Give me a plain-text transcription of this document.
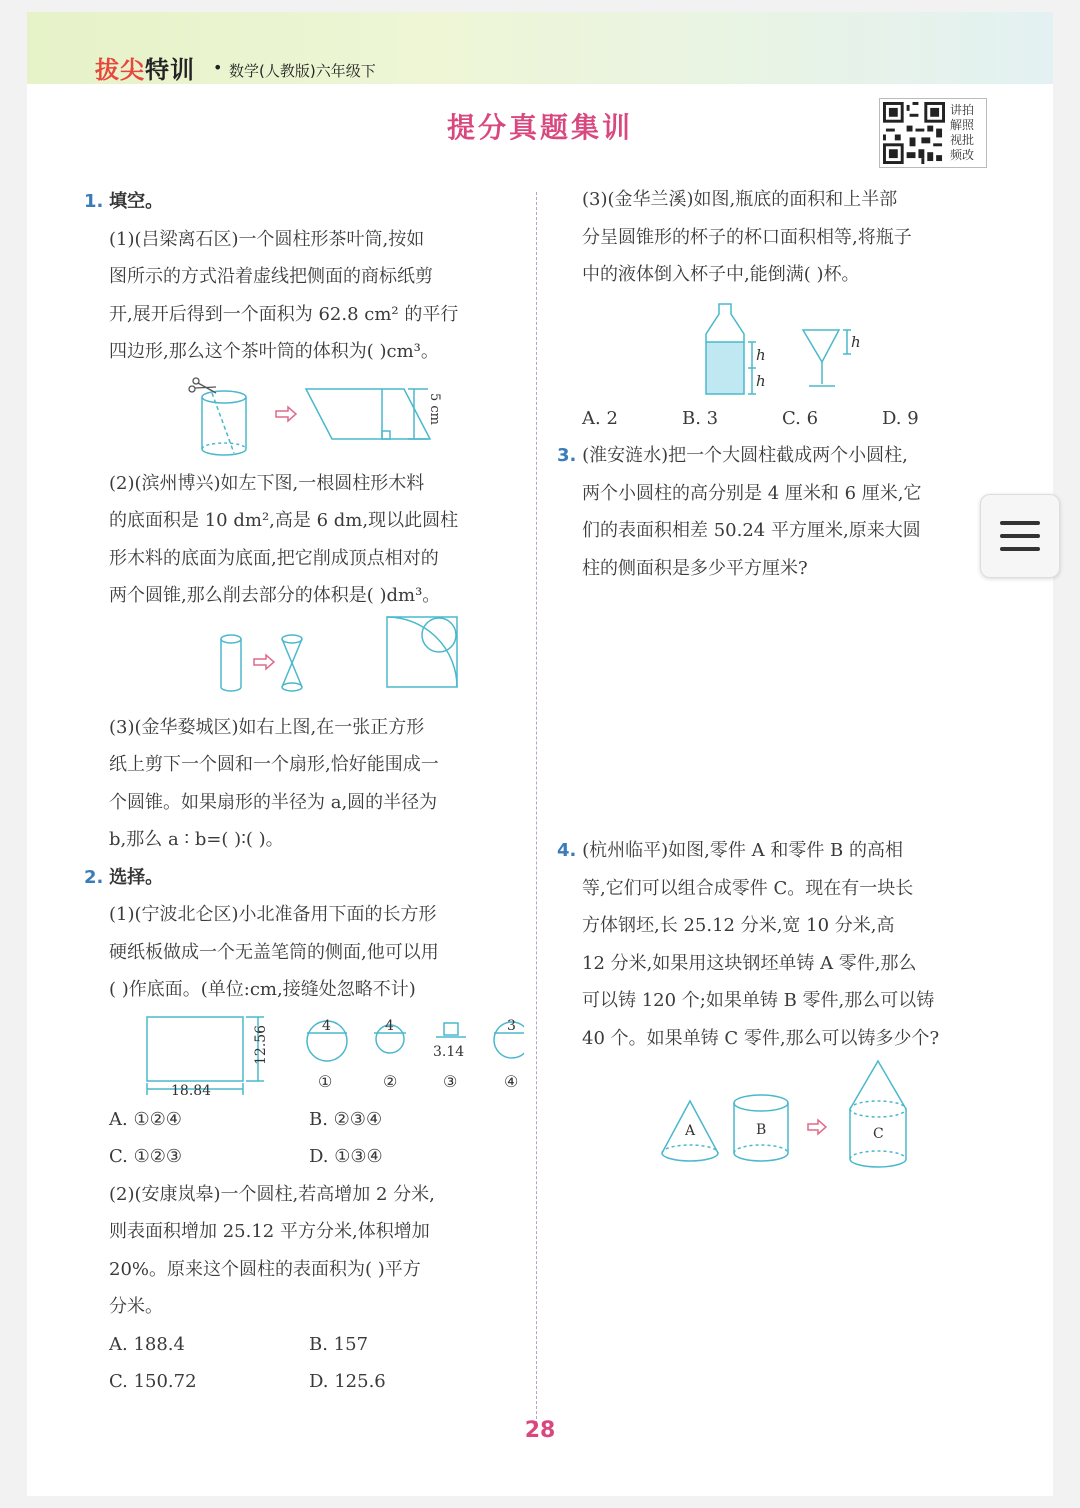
拔尖特训 • 数学(人教版)六年级下
提分真题集训
讲拍解照视批频改
1. 填空。
(1)(吕梁离石区)一个圆柱形茶叶筒,按如
图所示的方式沿着虚线把侧面的商标纸剪
开,展开后得到一个面积为 62.8 cm² 的平行
四边形,那么这个茶叶筒的体积为( )cm³。
5 cm
(2)(滨州博兴)如左下图,一根圆柱形木料
的底面积是 10 dm²,高是 6 dm,现以此圆柱
形木料的底面为底面,把它削成顶点相对的
两个圆锥,那么削去部分的体积是( )dm³。
(3)(金华婺城区)如右上图,在一张正方形
纸上剪下一个圆和一个扇形,恰好能围成一
个圆锥。如果扇形的半径为 a,圆的半径为
b,那么 a ∶ b=( )∶( )。
2. 选择。
(1)(宁波北仑区)小北准备用下面的长方形
硬纸板做成一个无盖笔筒的侧面,他可以用
( )作底面。(单位:cm,接缝处忽略不计)
18.84
12.56	4	4
3.14
3
①	②	③	④
A. ①②④	B. ②③④
C. ①②③	D. ①③④
(2)(安康岚皋)一个圆柱,若高增加 2 分米,
则表面积增加 25.12 平方分米,体积增加
20%。原来这个圆柱的表面积为( )平方
分米。
A. 188.4	B. 157
C. 150.72	D. 125.6
(3)(金华兰溪)如图,瓶底的面积和上半部
分呈圆锥形的杯子的杯口面积相等,将瓶子
中的液体倒入杯子中,能倒满( )杯。
h
h
h
A. 2	B. 3	C. 6	D. 9
3. (淮安涟水)把一个大圆柱截成两个小圆柱,
两个小圆柱的高分别是 4 厘米和 6 厘米,它
们的表面积相差 50.24 平方厘米,原来大圆
柱的侧面积是多少平方厘米?
4. (杭州临平)如图,零件 A 和零件 B 的高相
等,它们可以组合成零件 C。现在有一块长
方体钢坯,长 25.12 分米,宽 10 分米,高
12 分米,如果用这块钢坯单铸 A 零件,那么
可以铸 120 个;如果单铸 B 零件,那么可以铸
40 个。如果单铸 C 零件,那么可以铸多少个?
A	B	C
28
